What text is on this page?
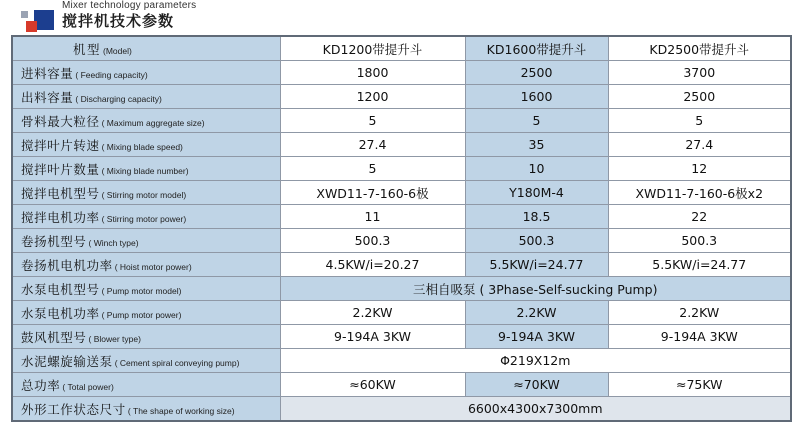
Mixer technology parameters
搅拌机技术参数
机型 (Model)	KD1200带提升斗	KD1600带提升斗	KD2500带提升斗
进料容量 ( Feeding capacity)	1800	2500	3700
出料容量 ( Discharging capacity)	1200	1600	2500
骨料最大粒径 ( Maximum aggregate size)	5	5	5
搅拌叶片转速 ( Mixing blade speed)	27.4	35	27.4
搅拌叶片数量 ( Mixing blade number)	5	10	12
搅拌电机型号 ( Stirring motor model)	XWD11-7-160-6极	Y180M-4	XWD11-7-160-6极x2
搅拌电机功率 ( Stirring motor power)	11	18.5	22
卷扬机型号 ( Winch type)	500.3	500.3	500.3
卷扬机电机功率 ( Hoist motor power)	4.5KW/i=20.27	5.5KW/i=24.77	5.5KW/i=24.77
水泵电机型号 ( Pump motor model)	三相自吸泵 ( 3Phase-Self-sucking Pump)		
水泵电机功率 ( Pump motor power)	2.2KW	2.2KW	2.2KW
鼓风机型号 ( Blower type)	9-194A 3KW	9-194A 3KW	9-194A 3KW
水泥螺旋输送泵 ( Cement spiral conveying pump)	Φ219X12m		
总功率 ( Total power)	≈60KW	≈70KW	≈75KW
外形工作状态尺寸 ( The shape of working size)	6600x4300x7300mm		
